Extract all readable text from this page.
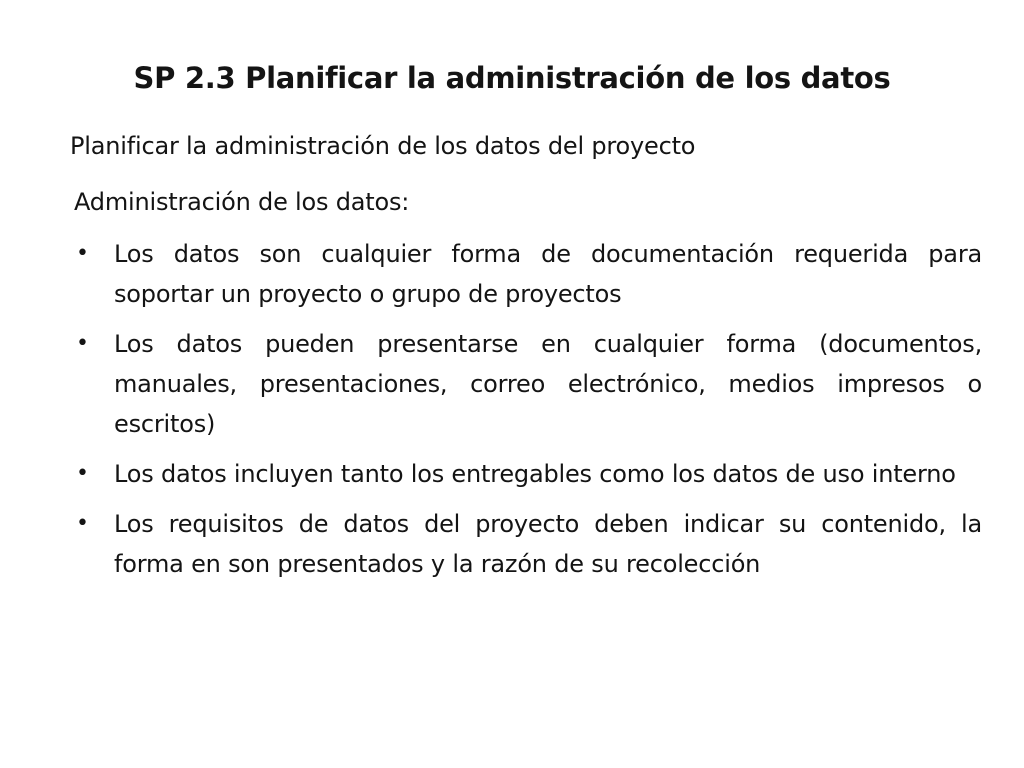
SP 2.3 Planificar la administración de los datos
Planificar la administración de los datos del proyecto
Administración de los datos:
• Los datos son cualquier forma de documentación requerida para soportar un proyecto o grupo de proyectos
• Los datos pueden presentarse en cualquier forma (documentos, manuales, presentaciones, correo electrónico, medios impresos o escritos)
• Los datos incluyen tanto los entregables como los datos de uso interno
• Los requisitos de datos del proyecto deben indicar su contenido, la forma en son presentados y la razón de su recolección
